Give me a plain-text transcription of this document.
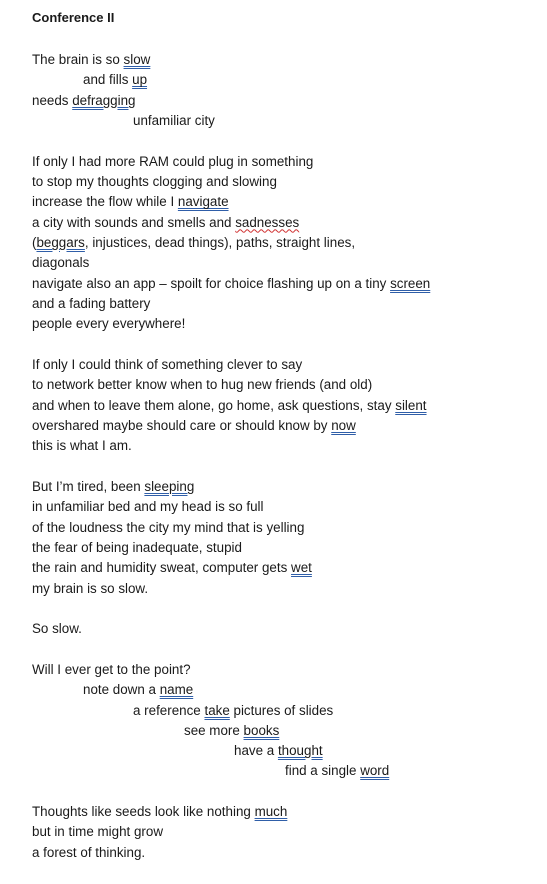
Conference II
The brain is so slow
and fills up
needs defragging
unfamiliar city
If only I had more RAM could plug in something
to stop my thoughts clogging and slowing
increase the flow while I navigate
a city with sounds and smells and sadnesses
(beggars, injustices, dead things), paths, straight lines,
diagonals
navigate also an app – spoilt for choice flashing up on a tiny screen
and a fading battery
people every everywhere!
If only I could think of something clever to say
to network better know when to hug new friends (and old)
and when to leave them alone, go home, ask questions, stay silent
overshared maybe should care or should know by now
this is what I am.
But I’m tired, been sleeping
in unfamiliar bed and my head is so full
of the loudness the city my mind that is yelling
the fear of being inadequate, stupid
the rain and humidity sweat, computer gets wet
my brain is so slow.
So slow.
Will I ever get to the point?
note down a name
a reference take pictures of slides
see more books
have a thought
find a single word
Thoughts like seeds look like nothing much
but in time might grow
a forest of thinking.
